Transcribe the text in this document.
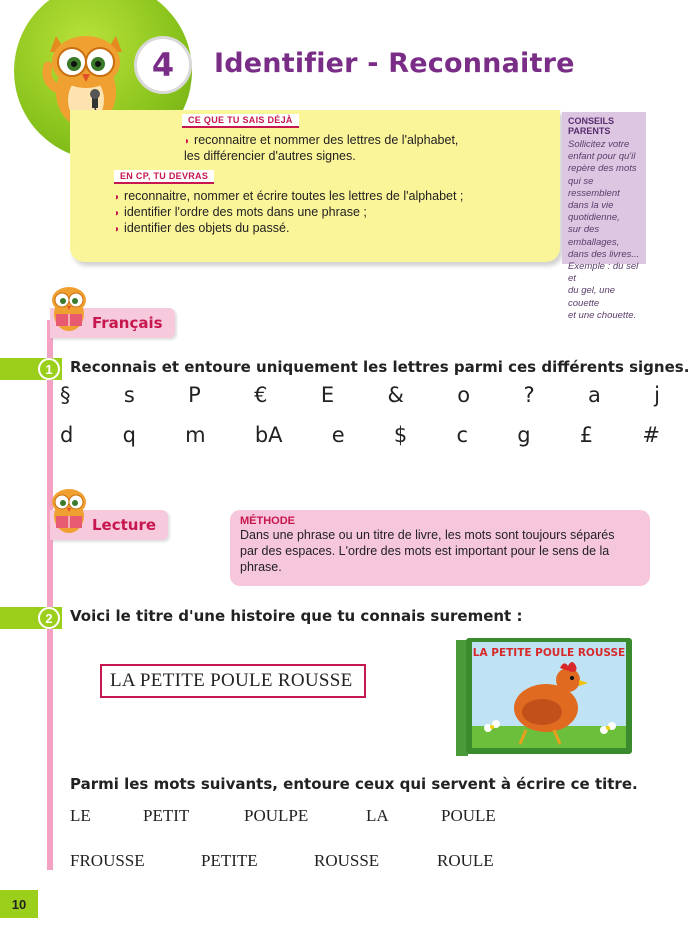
4	Identifier - Reconnaitre
CE QUE TU SAIS DÉJÀ
◗ reconnaitre et nommer des lettres de l'alphabet,
les différencier d'autres signes.
EN CP, TU DEVRAS
◗ reconnaitre, nommer et écrire toutes les lettres de l'alphabet ;
◗ identifier l'ordre des mots dans une phrase ;
◗ identifier des objets du passé.
CONSEILS PARENTS
Sollicitez votre
enfant pour qu'il
repère des mots
qui se ressemblent
dans la vie
quotidienne,
sur des emballages,
dans des livres...
Exemple : du sel et
du gel, une couette
et une chouette.
Français
1	Reconnais et entoure uniquement les lettres parmi ces différents signes.
§	s	P	€	E	&	o	?	a	j
d q m bA e $ c g £ #
Lecture	MÉTHODE
Dans une phrase ou un titre de livre, les mots sont toujours séparés
par des espaces. L'ordre des mots est important pour le sens de la
phrase.
2	Voici le titre d'une histoire que tu connais surement :
LA PETITE POULE ROUSSE
LA PETITE POULE ROUSSE
Parmi les mots suivants, entoure ceux qui servent à écrire ce titre.
LE	PETIT	POULPE	LA	POULE
FROUSSE	PETITE	ROUSSE	ROULE
10
